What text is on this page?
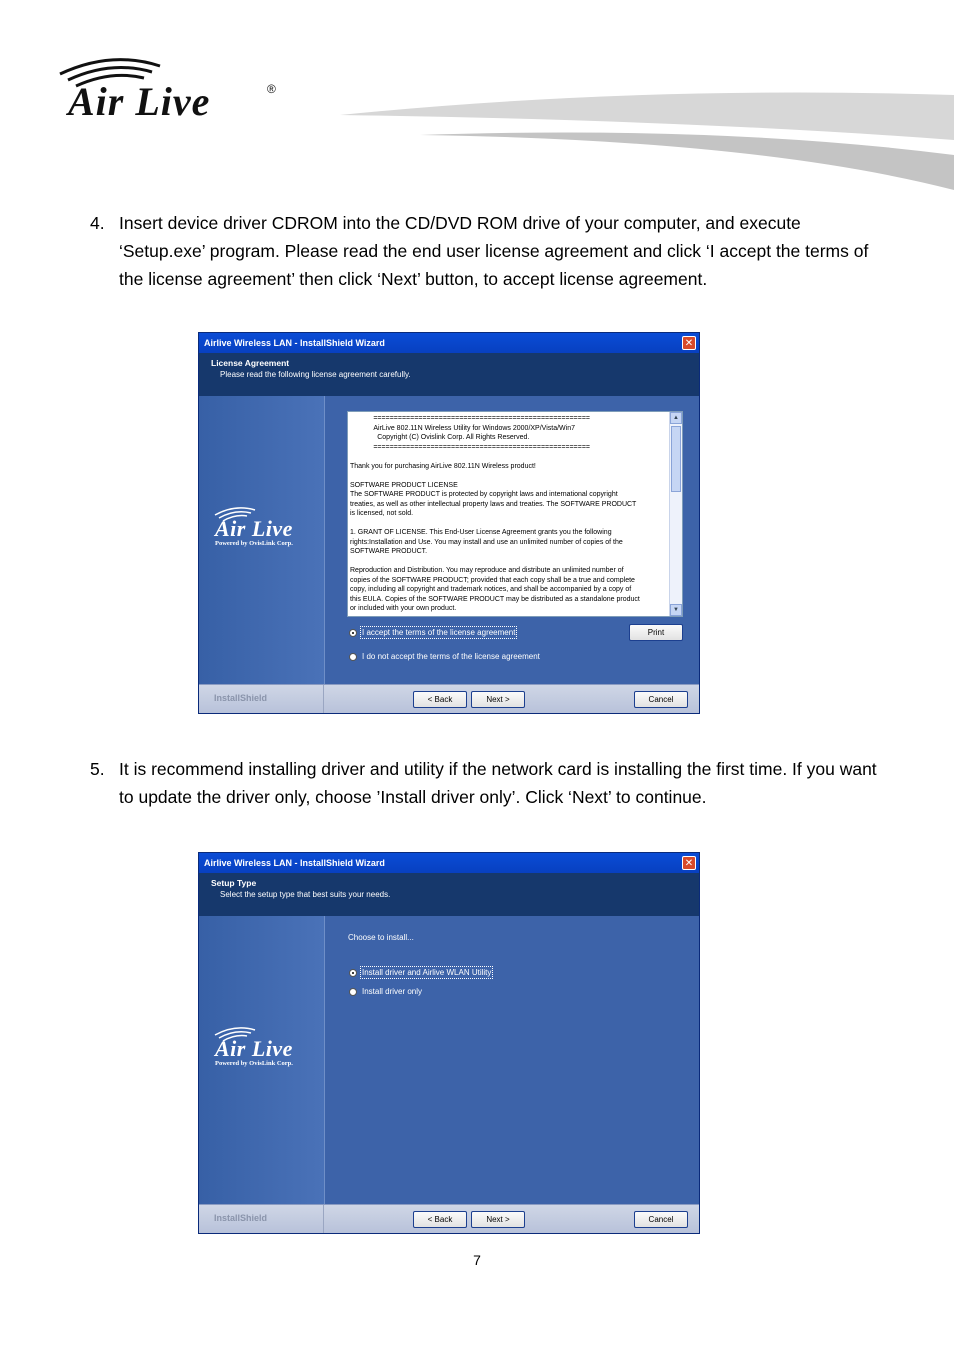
Air Live	®
4. Insert device driver CDROM into the CD/DVD ROM drive of your computer, and execute ‘Setup.exe’ program. Please read the end user license agreement and click ‘I accept the terms of the license agreement’ then click ‘Next’ button, to accept license agreement.
Airlive Wireless LAN - InstallShield Wizard	✕
License Agreement
Please read the following license agreement carefully.
Air Live
Powered by OvisLink Corp.
=====================================================
AirLive 802.11N Wireless Utility for Windows 2000/XP/Vista/Win7
Copyright (C) Ovislink Corp. All Rights Reserved.
=====================================================

Thank you for purchasing AirLive 802.11N Wireless product!

SOFTWARE PRODUCT LICENSE
The SOFTWARE PRODUCT is protected by copyright laws and international copyright
treaties, as well as other intellectual property laws and treaties. The SOFTWARE PRODUCT
is licensed, not sold.

1. GRANT OF LICENSE. This End-User License Agreement grants you the following
rights:Installation and Use. You may install and use an unlimited number of copies of the
SOFTWARE PRODUCT.

Reproduction and Distribution. You may reproduce and distribute an unlimited number of
copies of the SOFTWARE PRODUCT; provided that each copy shall be a true and complete
copy, including all copyright and trademark notices, and shall be accompanied by a copy of
this EULA. Copies of the SOFTWARE PRODUCT may be distributed as a standalone product
or included with your own product.
▲
▼
I accept the terms of the license agreement	Print
I do not accept the terms of the license agreement
InstallShield	< Back	Next >	Cancel
5. It is recommend installing driver and utility if the network card is installing the first time. If you want to update the driver only, choose ’Install driver only’. Click ‘Next’ to continue.
Airlive Wireless LAN - InstallShield Wizard	✕
Setup Type
Select the setup type that best suits your needs.
Air Live
Powered by OvisLink Corp.
Choose to install...
Install driver and Airlive WLAN Utility
Install driver only
InstallShield	< Back	Next >	Cancel
7
